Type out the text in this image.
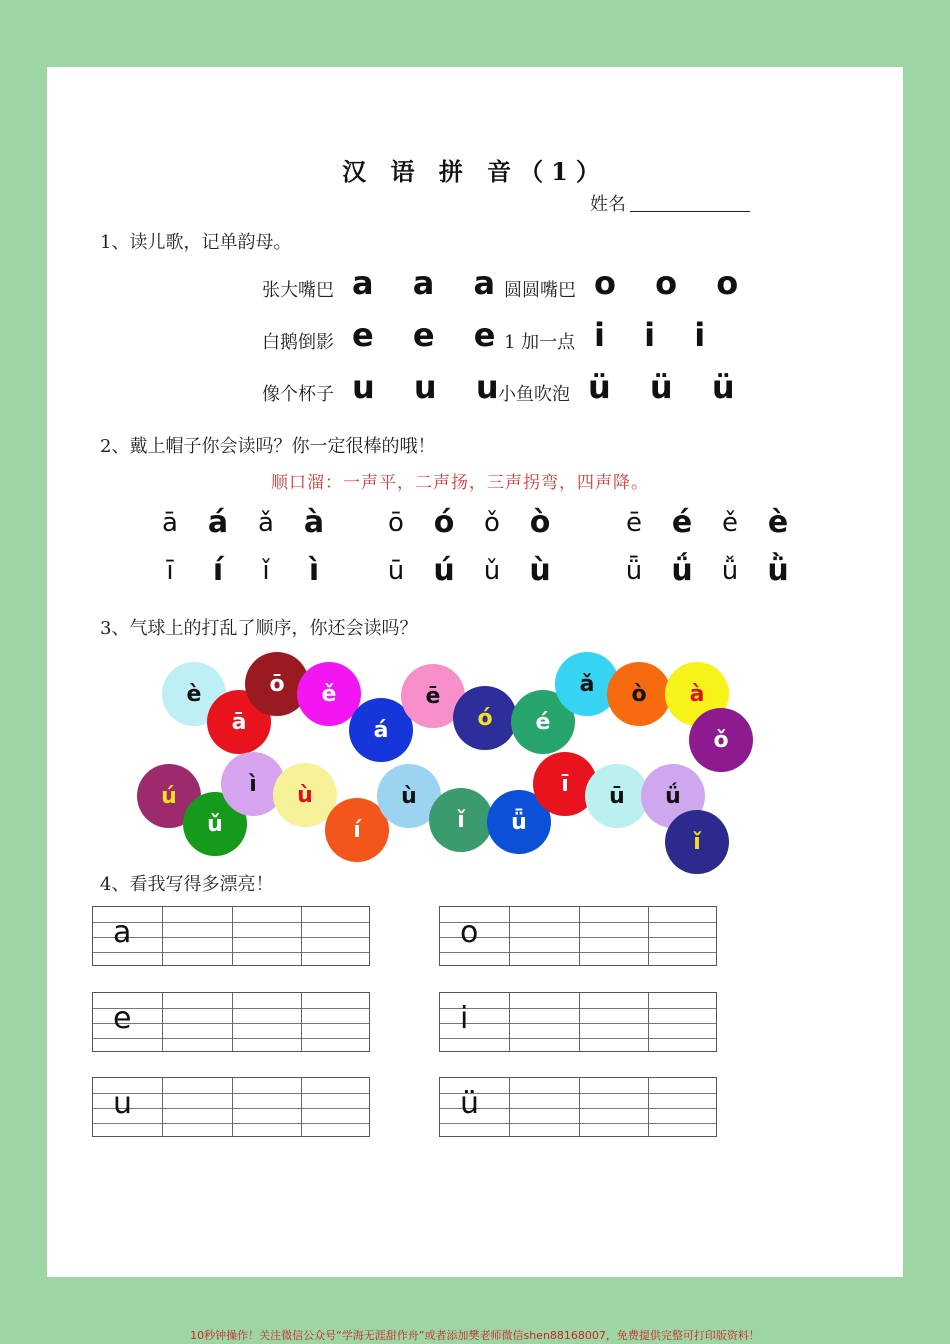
汉 语 拼 音（1）
姓名
1、读儿歌，记单韵母。
张大嘴巴 a a a
圆圆嘴巴 o o o
白鹅倒影 e e e
1 加一点 i i i
像个杯子 u u u
小鱼吹泡 ü ü ü
2、戴上帽子你会读吗？你一定很棒的哦！
顺口溜：一声平，二声扬，三声拐弯，四声降。
ā á	ǎ à	ō ó	ǒ ò	ē é	ě è
ī	í	ǐ	ì	ū ú	ǔ ù	ǖ ǘ	ǚ ǜ
3、气球上的打乱了顺序，你还会读吗？
è
ā
ō ě
á
ē
ó é
ǎ ò à
ǒ
ú
ǔ
ì ù
í
ù
ǐ ǖ
ī ū ǘ
ǐ
4、看我写得多漂亮！
a	o
e	i
u	ü
10秒钟操作！关注微信公众号“学海无涯甜作舟”或者添加樊老师微信shen88168007，免费提供完整可打印版资料！
